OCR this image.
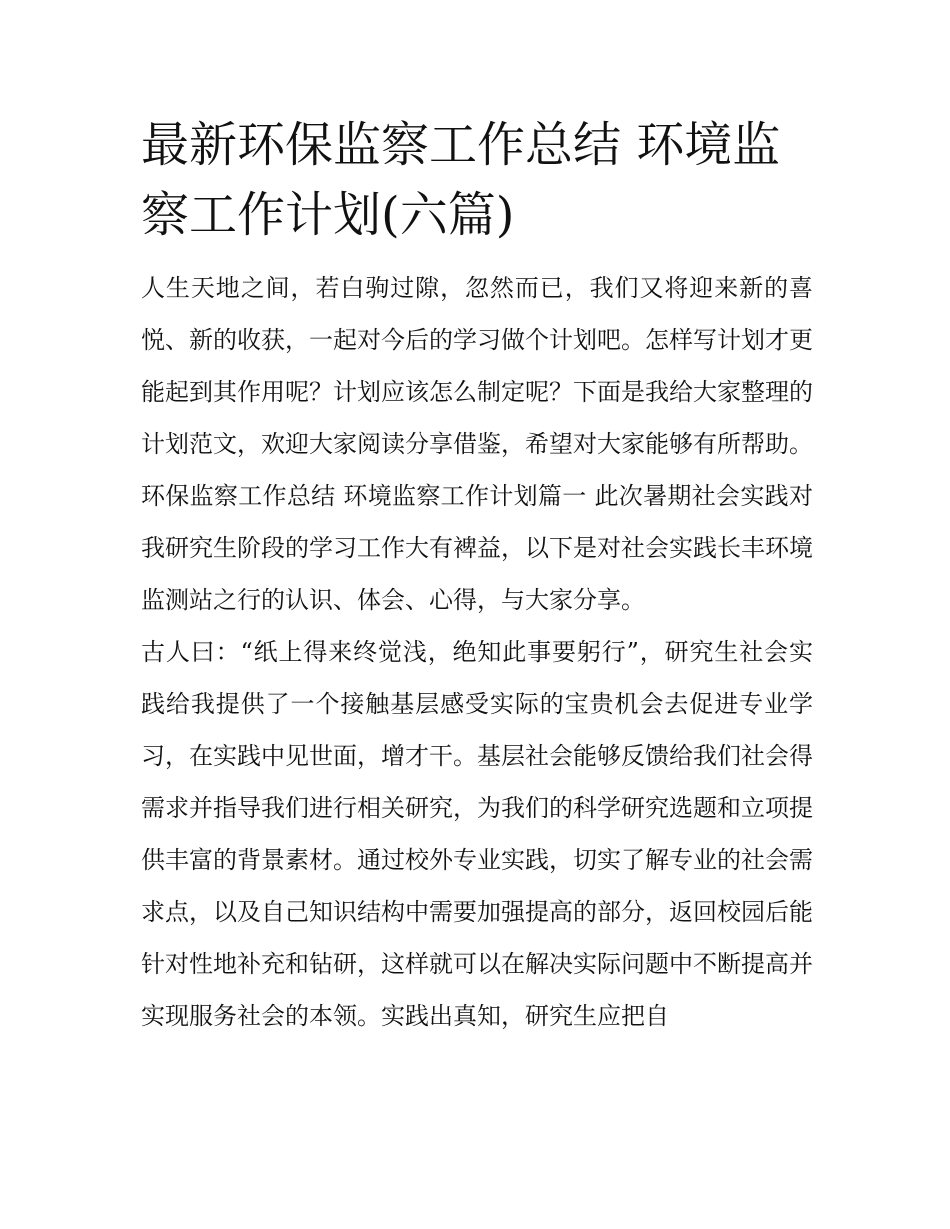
最新环保监察工作总结 环境监察工作计划(六篇)

人生天地之间，若白驹过隙，忽然而已，我们又将迎来新的喜悦、新的收获，一起对今后的学习做个计划吧。怎样写计划才更能起到其作用呢？计划应该怎么制定呢？下面是我给大家整理的计划范文，欢迎大家阅读分享借鉴，希望对大家能够有所帮助。

环保监察工作总结 环境监察工作计划篇一 此次暑期社会实践对我研究生阶段的学习工作大有裨益，以下是对社会实践长丰环境监测站之行的认识、体会、心得，与大家分享。

古人曰：“纸上得来终觉浅，绝知此事要躬行”，研究生社会实践给我提供了一个接触基层感受实际的宝贵机会去促进专业学习，在实践中见世面，增才干。基层社会能够反馈给我们社会得需求并指导我们进行相关研究，为我们的科学研究选题和立项提供丰富的背景素材。通过校外专业实践，切实了解专业的社会需求点，以及自己知识结构中需要加强提高的部分，返回校园后能针对性地补充和钻研，这样就可以在解决实际问题中不断提高并实现服务社会的本领。实践出真知，研究生应把自
